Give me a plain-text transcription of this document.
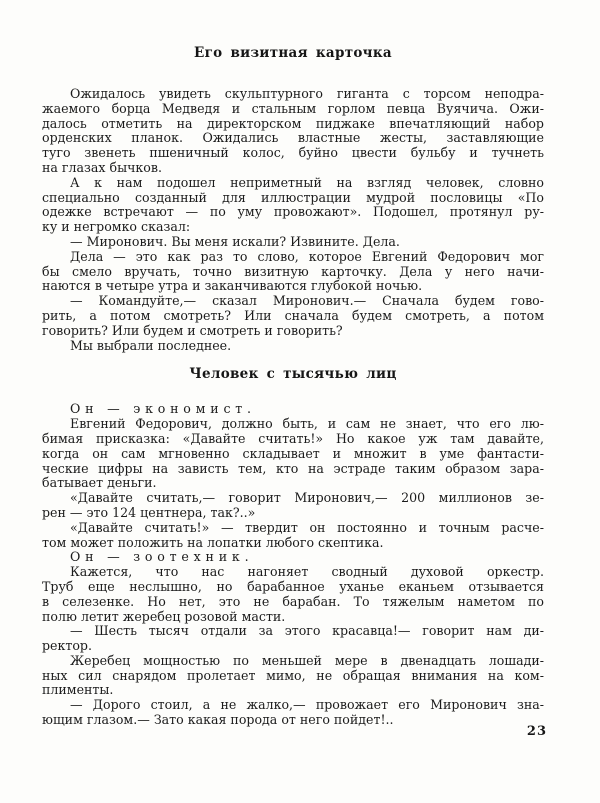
Его визитная карточка
Ожидалось увидеть скульптурного гиганта с торсом неподра-
жаемого борца Медведя и стальным горлом певца Вуячича. Ожи-
далось отметить на директорском пиджаке впечатляющий набор
орденских планок. Ожидались властные жесты, заставляющие
туго звенеть пшеничный колос, буйно цвести бульбу и тучнеть
на глазах бычков.
А к нам подошел неприметный на взгляд человек, словно
специально созданный для иллюстрации мудрой пословицы «По
одежке встречают — по уму провожают». Подошел, протянул ру-
ку и негромко сказал:
— Миронович. Вы меня искали? Извините. Дела.
Дела — это как раз то слово, которое Евгений Федорович мог
бы смело вручать, точно визитную карточку. Дела у него начи-
наются в четыре утра и заканчиваются глубокой ночью.
— Командуйте,— сказал Миронович.— Сначала будем гово-
рить, а потом смотреть? Или сначала будем смотреть, а потом
говорить? Или будем и смотреть и говорить?
Мы выбрали последнее.
Человек с тысячью лиц
Он — экономист.
Евгений Федорович, должно быть, и сам не знает, что его лю-
бимая присказка: «Давайте считать!» Но какое уж там давайте,
когда он сам мгновенно складывает и множит в уме фантасти-
ческие цифры на зависть тем, кто на эстраде таким образом зара-
батывает деньги.
«Давайте считать,— говорит Миронович,— 200 миллионов зе-
рен — это 124 центнера, так?..»
«Давайте считать!» — твердит он постоянно и точным расче-
том может положить на лопатки любого скептика.
Он — зоотехник.
Кажется, что нас нагоняет сводный духовой оркестр.
Труб еще неслышно, но барабанное уханье еканьем отзывается
в селезенке. Но нет, это не барабан. То тяжелым наметом по
полю летит жеребец розовой масти.
— Шесть тысяч отдали за этого красавца!— говорит нам ди-
ректор.
Жеребец мощностью по меньшей мере в двенадцать лошади-
ных сил снарядом пролетает мимо, не обращая внимания на ком-
плименты.
— Дорого стоил, а не жалко,— провожает его Миронович зна-
ющим глазом.— Зато какая порода от него пойдет!..
23
